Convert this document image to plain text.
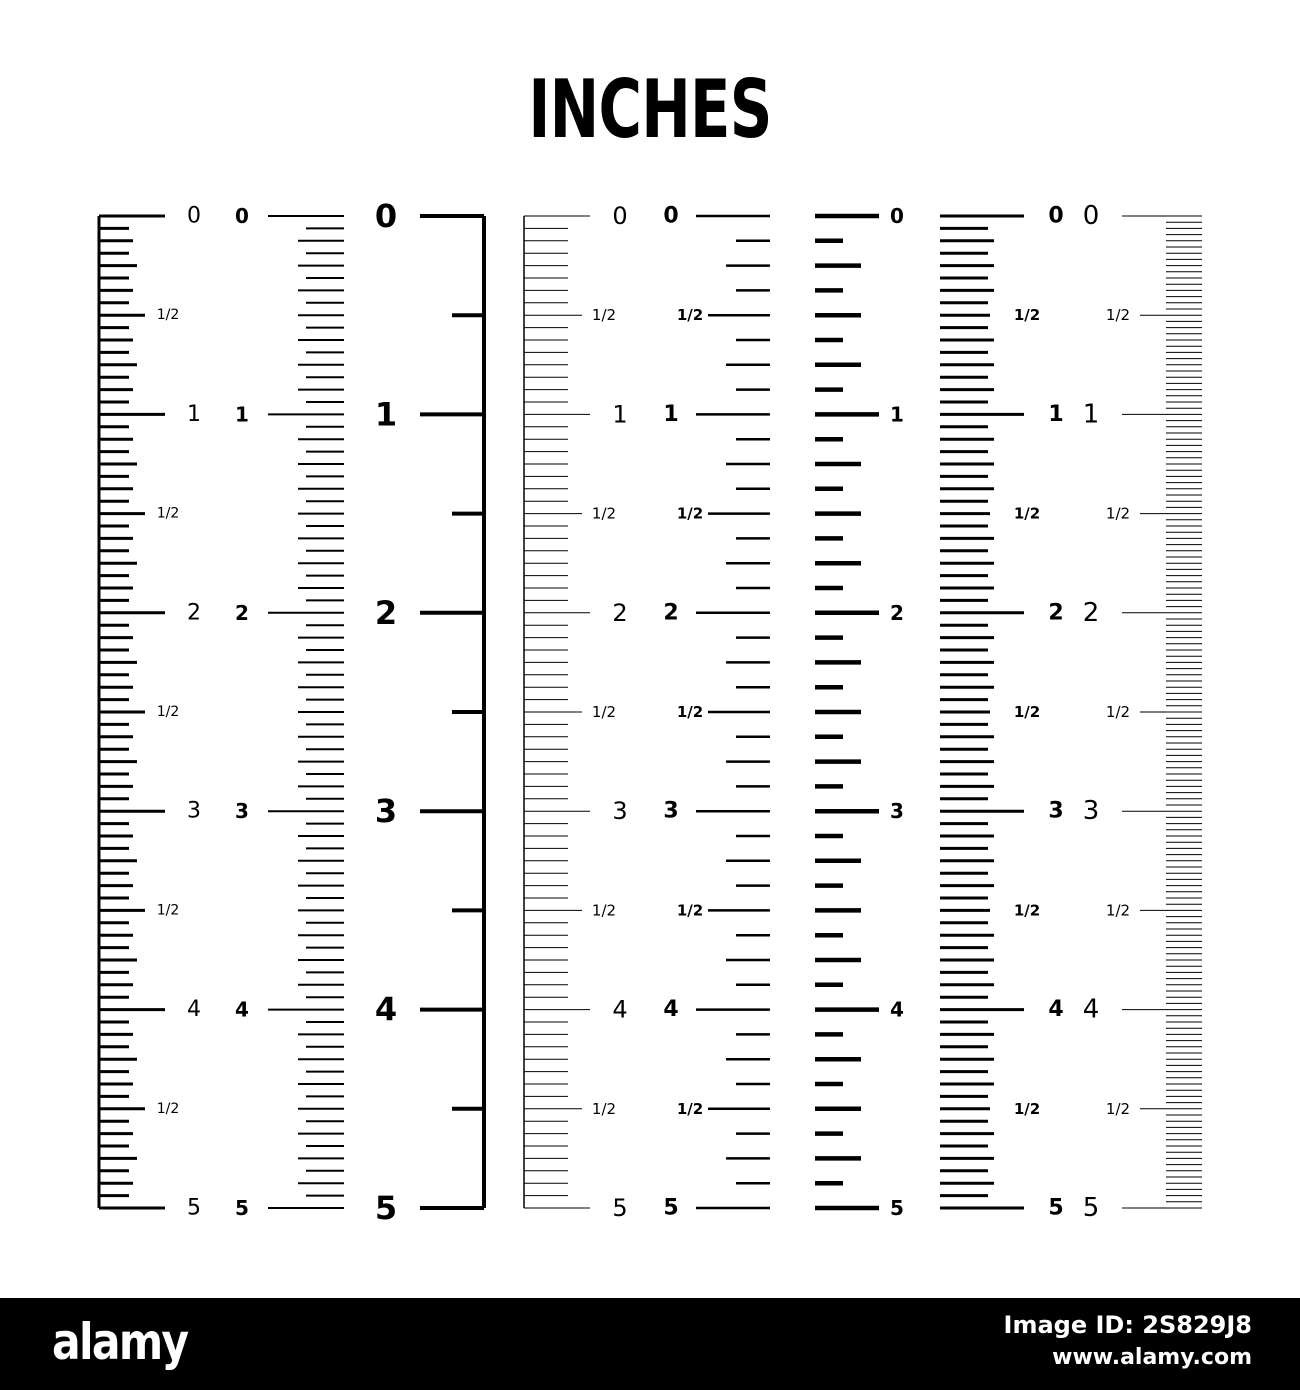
INCHES
0
1
2
3
4
5
1/2
1/2
1/2
1/2
1/2
0
1
2
3
4
5
0
1
2
3
4
5
0
1
2
3
4
5
1/2
1/2
1/2
1/2
1/2
0
1
2
3
4
5
1/2
1/2
1/2
1/2
1/2
0
1
2
3
4
5
0
1
2
3
4
5
1/2
1/2
1/2
1/2
1/2
0
1
2
3
4
5
1/2
1/2
1/2
1/2
1/2
alamy	Image ID: 2S829J8
www.alamy.com
